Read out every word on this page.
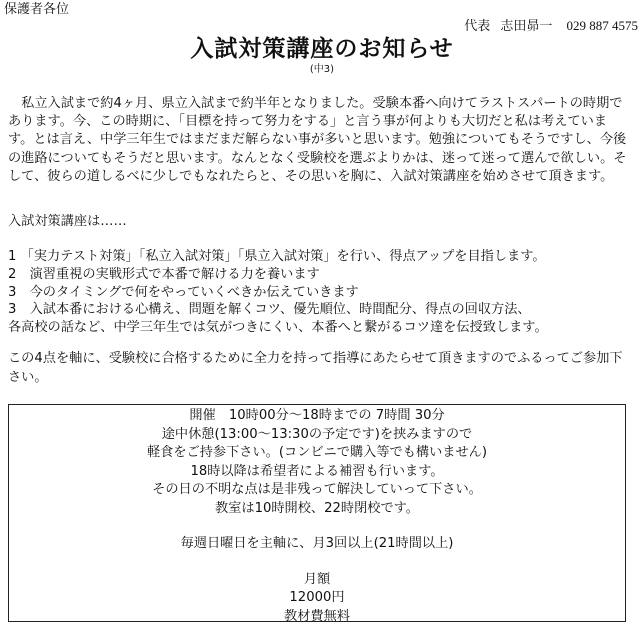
保護者各位
代表 志田昴一 029 887 4575
入試対策講座のお知らせ
(中3)

　私立入試まで約4ヶ月、県立入試まで約半年となりました。受験本番へ向けてラストスパートの時期であります。今、この時期に、「目標を持って努力をする」と言う事が何よりも大切だと私は考えています。とは言え、中学三年生ではまだまだ解らない事が多いと思います。勉強についてもそうですし、今後の進路についてもそうだと思います。なんとなく受験校を選ぶよりかは、迷って迷って選んで欲しい。そして、彼らの道しるべに少しでもなれたらと、その思いを胸に、入試対策講座を始めさせて頂きます。

入試対策講座は……
1 「実力テスト対策」「私立入試対策」「県立入試対策」を行い、得点アップを目指します。
2　演習重視の実戦形式で本番で解ける力を養います
3　今のタイミングで何をやっていくべきか伝えていきます
3　入試本番における心構え、問題を解くコツ、優先順位、時間配分、得点の回収方法、
各高校の話など、中学三年生では気がつきにくい、本番へと繋がるコツ達を伝授致します。
この4点を軸に、受験校に合格するために全力を持って指導にあたらせて頂きますのでふるってご参加下さい。
開催　10時00分～18時までの 7時間 30分
途中休憩(13:00～13:30の予定です)を挟みますので
軽食をご持参下さい。(コンビニで購入等でも構いません)
18時以降は希望者による補習も行います。
その日の不明な点は是非残って解決していって下さい。
教室は10時開校、22時閉校です。
毎週日曜日を主軸に、月3回以上(21時間以上)
月額
12000円
教材費無料
